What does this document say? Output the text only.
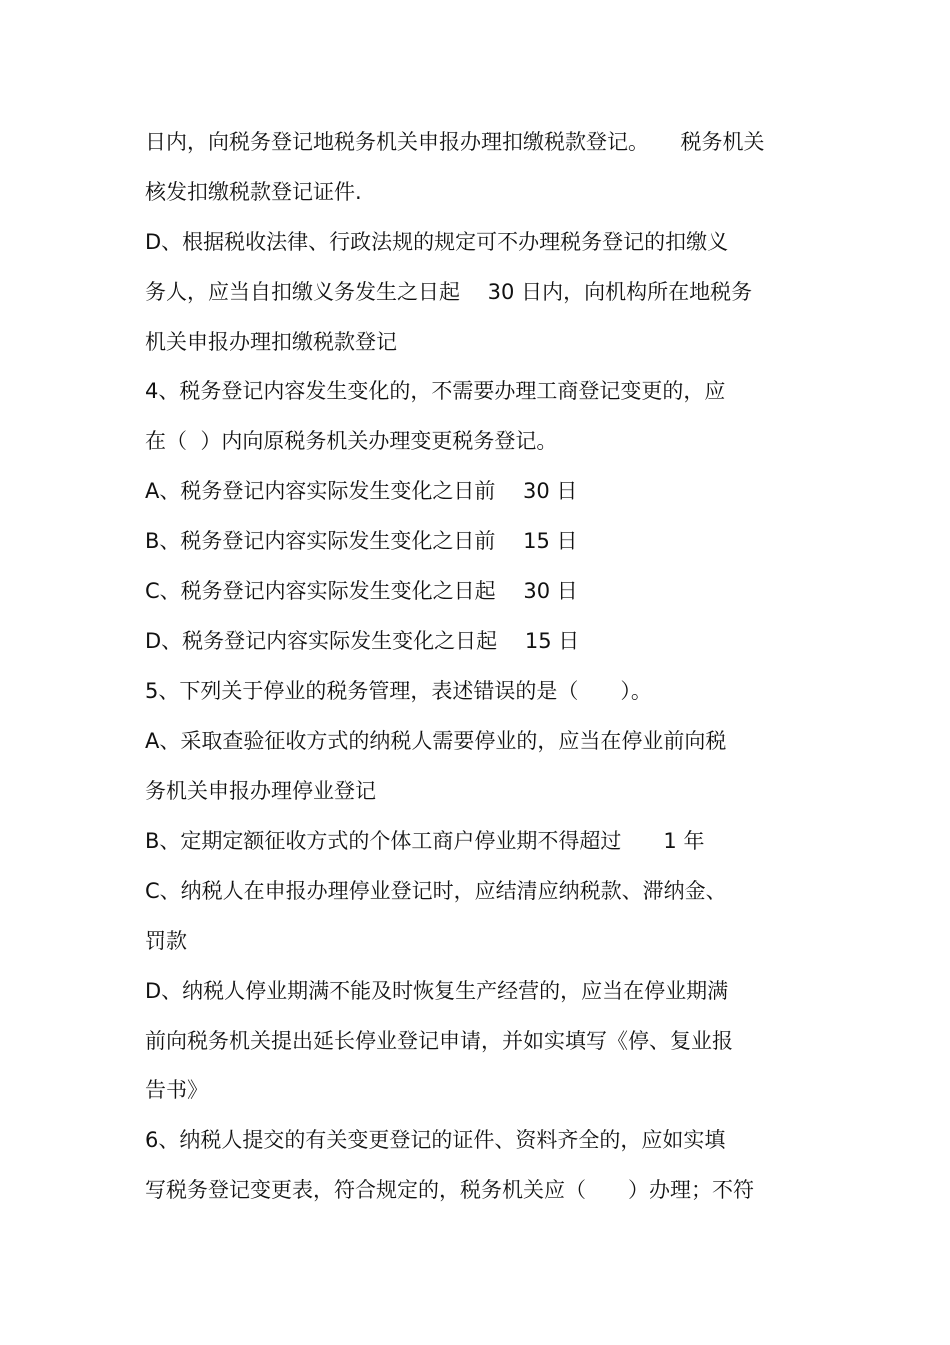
日内，向税务登记地税务机关申报办理扣缴税款登记。　　税务机关
核发扣缴税款登记证件.
D、根据税收法律、行政法规的规定可不办理税务登记的扣缴义
务人，应当自扣缴义务发生之日起　 30 日内，向机构所在地税务
机关申报办理扣缴税款登记
4、税务登记内容发生变化的，不需要办理工商登记变更的，应
在（  ）内向原税务机关办理变更税务登记。
A、税务登记内容实际发生变化之日前　 30 日
B、税务登记内容实际发生变化之日前　 15 日
C、税务登记内容实际发生变化之日起　 30 日
D、税务登记内容实际发生变化之日起　 15 日
5、下列关于停业的税务管理，表述错误的是（　　）。
A、采取查验征收方式的纳税人需要停业的，应当在停业前向税
务机关申报办理停业登记
B、定期定额征收方式的个体工商户停业期不得超过　　1 年
C、纳税人在申报办理停业登记时，应结清应纳税款、滞纳金、
罚款
D、纳税人停业期满不能及时恢复生产经营的，应当在停业期满
前向税务机关提出延长停业登记申请，并如实填写《停、复业报
告书》
6、纳税人提交的有关变更登记的证件、资料齐全的，应如实填
写税务登记变更表，符合规定的，税务机关应（　　）办理；不符
